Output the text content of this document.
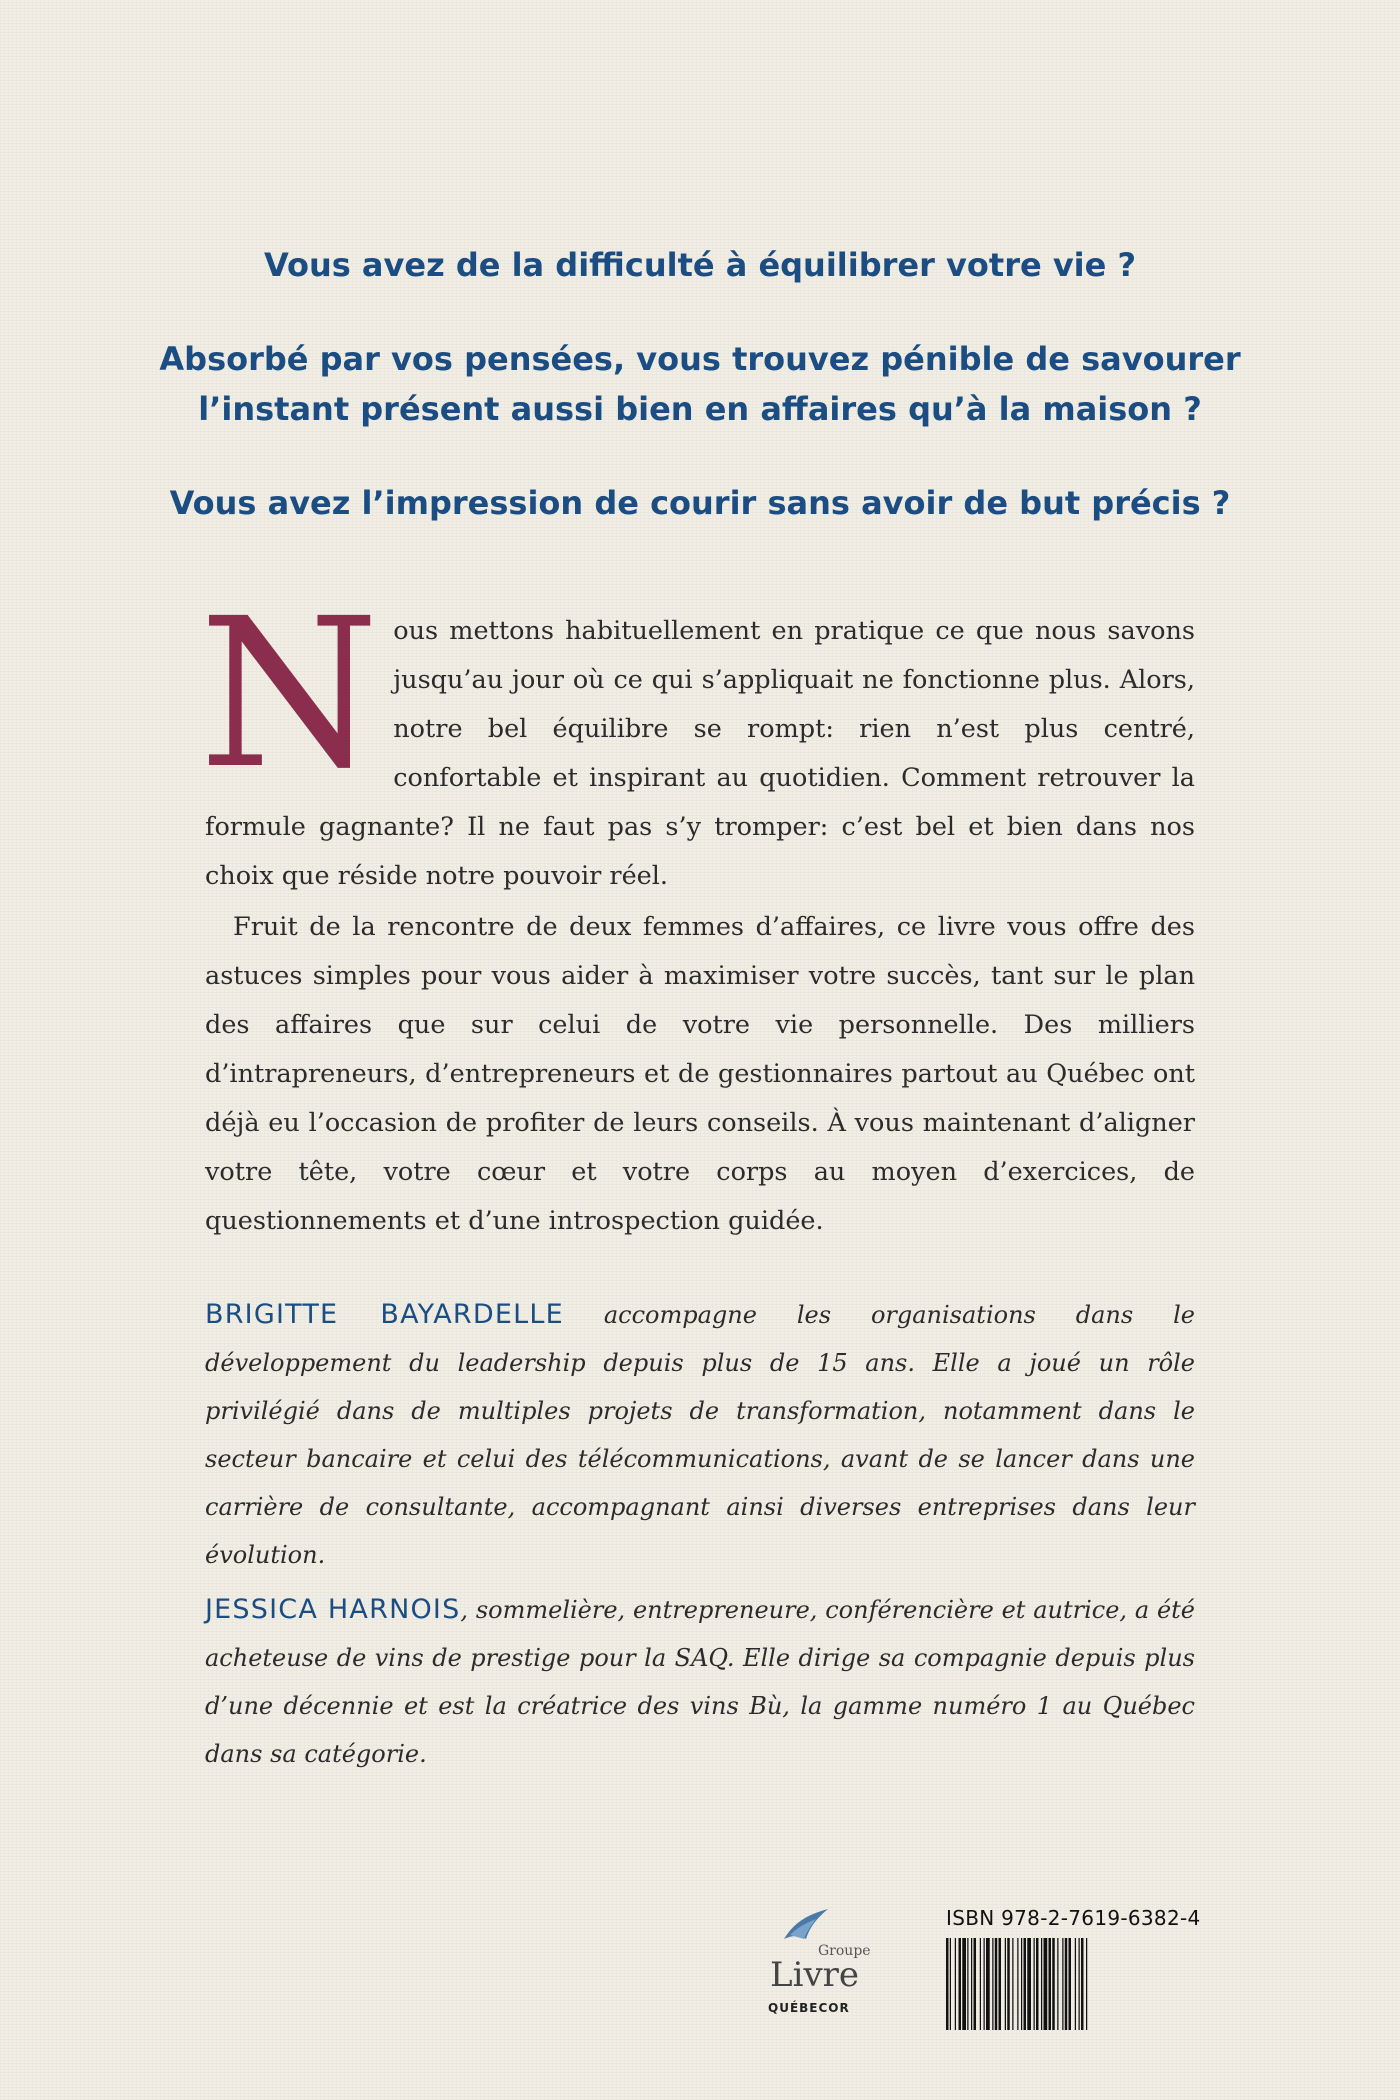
Vous avez de la difficulté à équilibrer votre vie ?

Absorbé par vos pensées, vous trouvez pénible de savourer l’instant présent aussi bien en affaires qu’à la maison ?

Vous avez l’impression de courir sans avoir de but précis ?

Nous mettons habituellement en pratique ce que nous savons jusqu’au jour où ce qui s’appliquait ne fonctionne plus. Alors, notre bel équilibre se rompt: rien n’est plus centré, confortable et inspirant au quotidien. Comment retrouver la formule gagnante? Il ne faut pas s’y tromper: c’est bel et bien dans nos choix que réside notre pouvoir réel.

Fruit de la rencontre de deux femmes d’affaires, ce livre vous offre des astuces simples pour vous aider à maximiser votre succès, tant sur le plan des affaires que sur celui de votre vie personnelle. Des milliers d’intrapreneurs, d’entrepreneurs et de gestionnaires partout au Québec ont déjà eu l’occasion de profiter de leurs conseils. À vous maintenant d’aligner votre tête, votre cœur et votre corps au moyen d’exercices, de questionnements et d’une introspection guidée.

BRIGITTE BAYARDELLE accompagne les organisations dans le développement du leadership depuis plus de 15 ans. Elle a joué un rôle privilégié dans de multiples projets de transformation, notamment dans le secteur bancaire et celui des télécommunications, avant de se lancer dans une carrière de consultante, accompagnant ainsi diverses entreprises dans leur évolution.
JESSICA HARNOIS, sommelière, entrepreneure, conférencière et autrice, a été acheteuse de vins de prestige pour la SAQ. Elle dirige sa compagnie depuis plus d’une décennie et est la créatrice des vins Bù, la gamme numéro 1 au Québec dans sa catégorie.
Groupe
Livre
QUÉBECOR
ISBN 978-2-7619-6382-4
